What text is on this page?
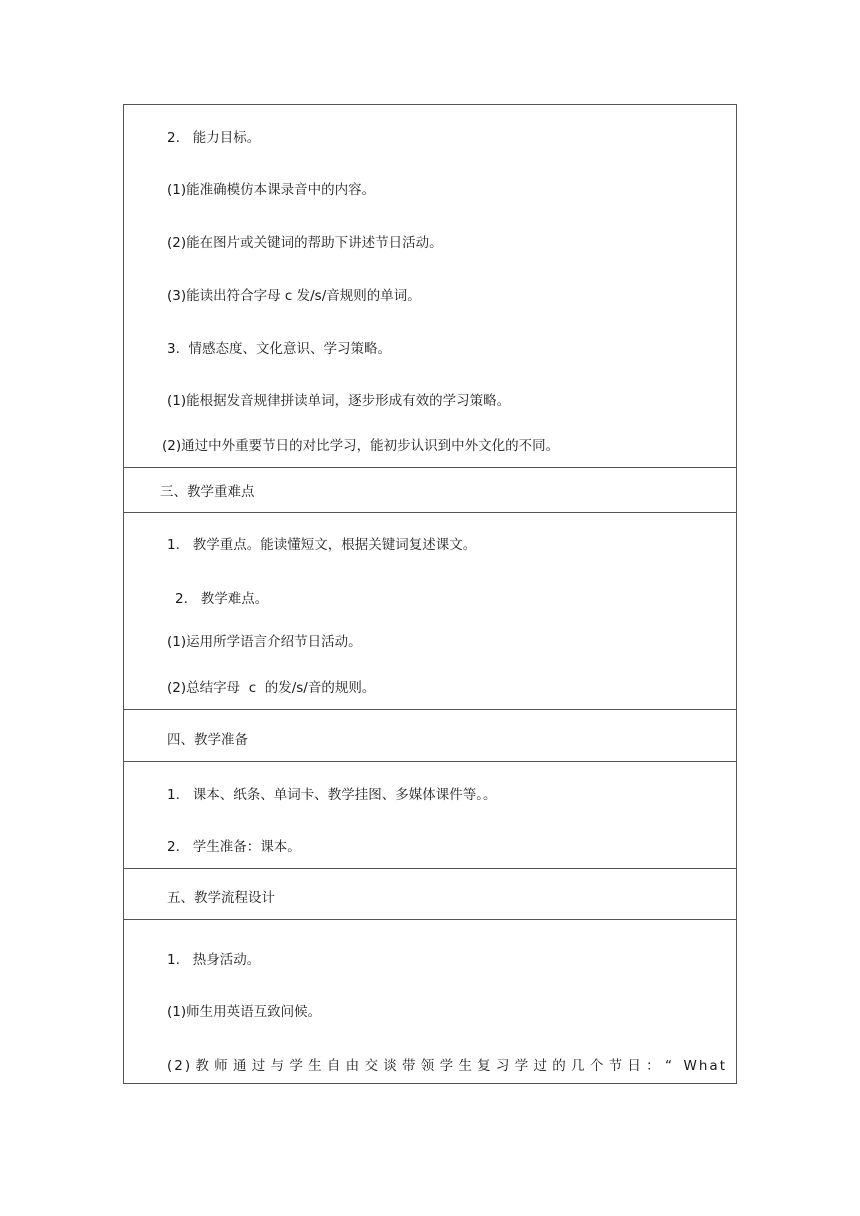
2.   能力目标。
(1)能准确模仿本课录音中的内容。
(2)能在图片或关键词的帮助下讲述节日活动。
(3)能读出符合字母 c 发/s/音规则的单词。
3.  情感态度、文化意识、学习策略。
(1)能根据发音规律拼读单词，逐步形成有效的学习策略。
(2)通过中外重要节日的对比学习，能初步认识到中外文化的不同。
三、教学重难点
1.   教学重点。能读懂短文，根据关键词复述课文。
2.   教学难点。
(1)运用所学语言介绍节日活动。
(2)总结字母  c  的发/s/音的规则。
四、教学准备
1.   课本、纸条、单词卡、教学挂图、多媒体课件等。。
2.   学生准备：课本。
五、教学流程设计
1.   热身活动。
(1)师生用英语互致问候。
(2)教师通过与学生自由交谈带领学生复习学过的几个节日：“ What
